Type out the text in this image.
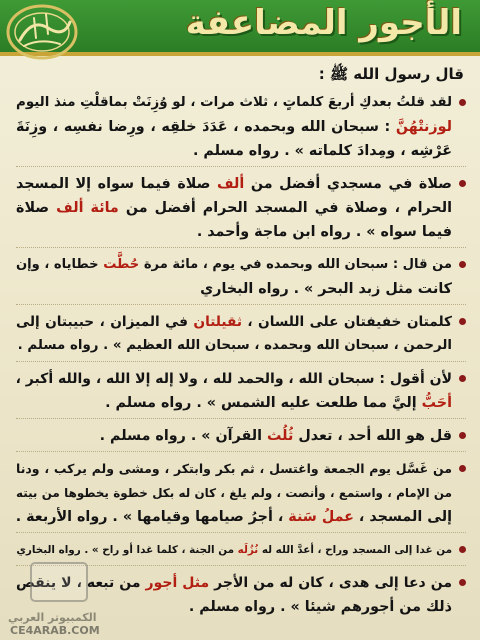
الأجور المضاعفة
قال رسول الله ﷺ :
لقد قلتُ بعدكِ أربعَ كلماتٍ ، ثلاث مرات ، لو وُزِنَتْ بماقلْتِ منذ اليوم
لوزنتْهُنَّ : سبحان الله وبحمده ، عَدَدَ خلقِه ، ورِضا نفسِه ، وزِنَةَ
عَرْشِه ، ومِدادَ كلماته » . رواه مسلم .
صلاة في مسجدي أفضل من ألف صلاة فيما سواه إلا المسجد
الحرام ، وصلاة في المسجد الحرام أفضل من مائة ألف صلاة
فيما سواه » . رواه ابن ماجة وأحمد .
من قال : سبحان الله وبحمده في يوم ، مائة مرة حُطَّت خطاياه ، وإن
كانت مثل زبد البحر » . رواه البخاري
كلمتان خفيفتان على اللسان ، ثقيلتان في الميزان ، حبيبتان إلى
الرحمن ، سبحان الله وبحمده ، سبحان الله العظيم » . رواه مسلم .
لأن أقول : سبحان الله ، والحمد لله ، ولا إله إلا الله ، والله أكبر ،
أحَبُّ إليَّ مما طلعت عليه الشمس » . رواه مسلم .
قل هو الله أحد ، تعدل ثُلُث القرآن » . رواه مسلم .
من غَسَّل يوم الجمعة واغتسل ، ثم بكر وابتكر ، ومشى ولم يركب ، ودنا
من الإمام ، واستمع ، وأنصت ، ولم يلغ ، كان له بكل خطوة يخطوها من بيته
إلى المسجد ، عملُ سَنة ، أجرُ صيامها وقيامها » . رواه الأربعة .
من غدا إلى المسجد وراح ، أعدَّ الله له نُزُلَه من الجنة ، كلما غدا أو راح » . رواه البخاري
من دعا إلى هدى ، كان له من الأجر مثل أجور من تبعه ، لا ينقص
ذلك من أجورهم شيئا » . رواه مسلم .
الكمبيوتر العربي
CE4ARAB.COM
